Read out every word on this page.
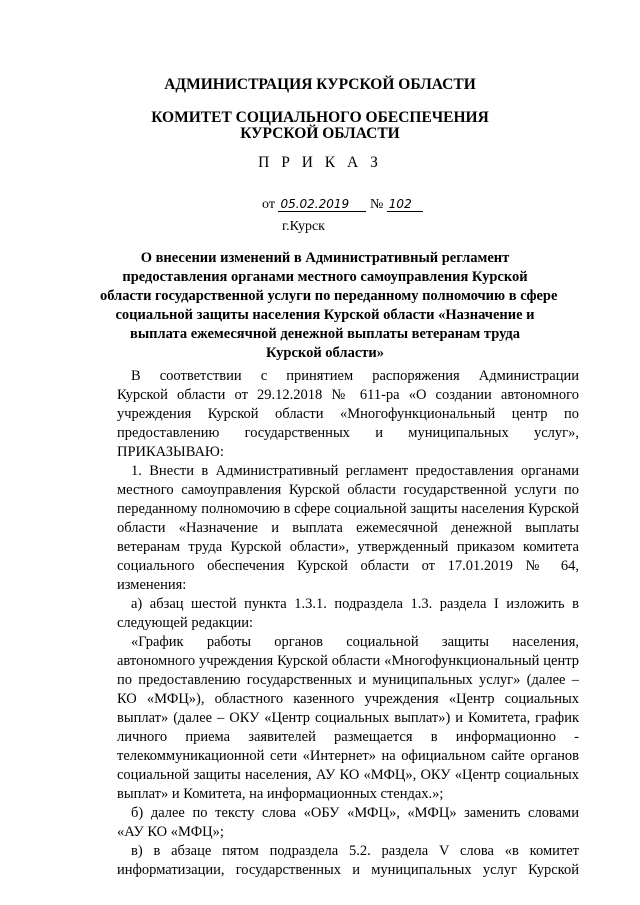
АДМИНИСТРАЦИЯ КУРСКОЙ ОБЛАСТИ
КОМИТЕТ СОЦИАЛЬНОГО ОБЕСПЕЧЕНИЯ
КУРСКОЙ ОБЛАСТИ
П Р И К А З
от 05.02.2019 № 102
г.Курск
О внесении изменений в Административный регламент
предоставления органами местного самоуправления Курской
области государственной услуги по переданному полномочию в сфере
социальной защиты населения Курской области «Назначение и
выплата ежемесячной денежной выплаты ветеранам труда
Курской области»
В соответствии с принятием распоряжения Администрации
Курской области от 29.12.2018 № 611-ра «О создании автономного
учреждения Курской области «Многофункциональный центр по
предоставлению государственных и муниципальных услуг»,
ПРИКАЗЫВАЮ:
1. Внести в Административный регламент предоставления органами
местного самоуправления Курской области государственной услуги по
переданному полномочию в сфере социальной защиты населения Курской
области «Назначение и выплата ежемесячной денежной выплаты
ветеранам труда Курской области», утвержденный приказом комитета
социального обеспечения Курской области от 17.01.2019 № 64,
изменения:
а) абзац шестой пункта 1.3.1. подраздела 1.3. раздела I изложить в
следующей редакции:
«График работы органов социальной защиты населения,
автономного учреждения Курской области «Многофункциональный центр
по предоставлению государственных и муниципальных услуг» (далее –
КО «МФЦ»), областного казенного учреждения «Центр социальных
выплат» (далее – ОКУ «Центр социальных выплат») и Комитета, график
личного приема заявителей размещается в информационно -
телекоммуникационной сети «Интернет» на официальном сайте органов
социальной защиты населения, АУ КО «МФЦ», ОКУ «Центр социальных
выплат» и Комитета, на информационных стендах.»;
б) далее по тексту слова «ОБУ «МФЦ», «МФЦ» заменить словами
«АУ КО «МФЦ»;
в) в абзаце пятом подраздела 5.2. раздела V слова «в комитет
информатизации, государственных и муниципальных услуг Курской
